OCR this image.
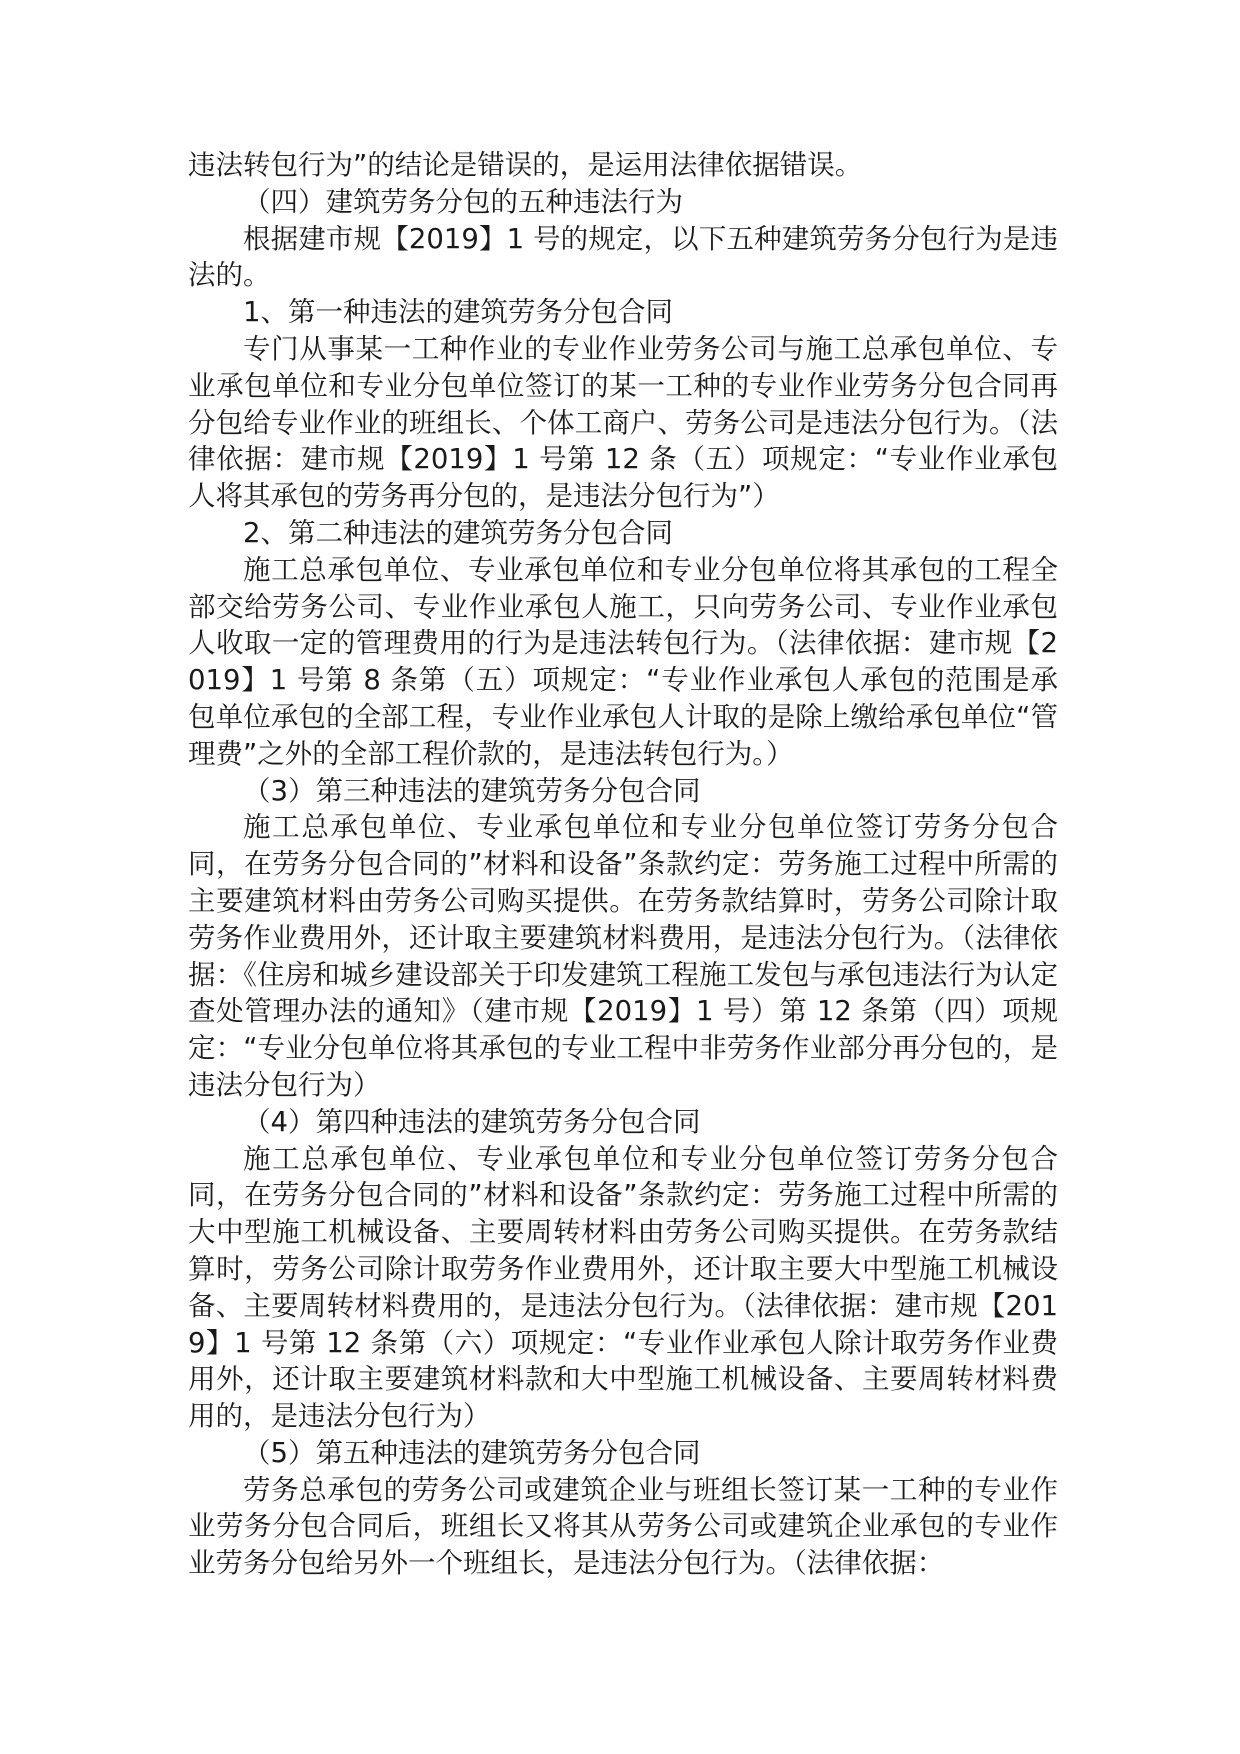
违法转包行为”的结论是错误的，是运用法律依据错误。

（四）建筑劳务分包的五种违法行为

根据建市规【2019】1 号的规定，以下五种建筑劳务分包行为是违法的。

1、第一种违法的建筑劳务分包合同

专门从事某一工种作业的专业作业劳务公司与施工总承包单位、专业承包单位和专业分包单位签订的某一工种的专业作业劳务分包合同再分包给专业作业的班组长、个体工商户、劳务公司是违法分包行为。（法律依据：建市规【2019】1 号第 12 条（五）项规定：“专业作业承包人将其承包的劳务再分包的，是违法分包行为”）

2、第二种违法的建筑劳务分包合同

施工总承包单位、专业承包单位和专业分包单位将其承包的工程全部交给劳务公司、专业作业承包人施工，只向劳务公司、专业作业承包人收取一定的管理费用的行为是违法转包行为。（法律依据：建市规【2019】1 号第 8 条第（五）项规定：“专业作业承包人承包的范围是承包单位承包的全部工程，专业作业承包人计取的是除上缴给承包单位“管理费”之外的全部工程价款的，是违法转包行为。）

（3）第三种违法的建筑劳务分包合同

施工总承包单位、专业承包单位和专业分包单位签订劳务分包合同，在劳务分包合同的”材料和设备”条款约定：劳务施工过程中所需的主要建筑材料由劳务公司购买提供。在劳务款结算时，劳务公司除计取劳务作业费用外，还计取主要建筑材料费用，是违法分包行为。（法律依据：《住房和城乡建设部关于印发建筑工程施工发包与承包违法行为认定查处管理办法的通知》（建市规【2019】1 号）第 12 条第（四）项规定：“专业分包单位将其承包的专业工程中非劳务作业部分再分包的，是违法分包行为）

（4）第四种违法的建筑劳务分包合同

施工总承包单位、专业承包单位和专业分包单位签订劳务分包合同，在劳务分包合同的”材料和设备”条款约定：劳务施工过程中所需的大中型施工机械设备、主要周转材料由劳务公司购买提供。在劳务款结算时，劳务公司除计取劳务作业费用外，还计取主要大中型施工机械设备、主要周转材料费用的，是违法分包行为。（法律依据：建市规【2019】1 号第 12 条第（六）项规定：“专业作业承包人除计取劳务作业费用外，还计取主要建筑材料款和大中型施工机械设备、主要周转材料费用的，是违法分包行为）

（5）第五种违法的建筑劳务分包合同

劳务总承包的劳务公司或建筑企业与班组长签订某一工种的专业作业劳务分包合同后，班组长又将其从劳务公司或建筑企业承包的专业作业劳务分包给另外一个班组长，是违法分包行为。（法律依据：
